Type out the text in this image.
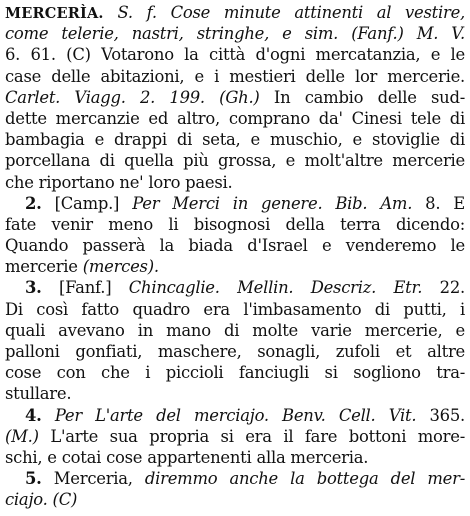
MERCERÌA. S. f. Cose minute attinenti al vestire,
come telerie, nastri, stringhe, e sim. (Fanf.) M. V.
6. 61. (C) Votarono la città d'ogni mercatanzia, e le
case delle abitazioni, e i mestieri delle lor mercerie.
Carlet. Viagg. 2. 199. (Gh.) In cambio delle sud-
dette mercanzie ed altro, comprano da' Cinesi tele di
bambagia e drappi di seta, e muschio, e stoviglie di
porcellana di quella più grossa, e molt'altre mercerie
che riportano ne' loro paesi.
2. [Camp.] Per Merci in genere. Bib. Am. 8. E
fate venir meno li bisognosi della terra dicendo:
Quando passerà la biada d'Israel e venderemo le
mercerie (merces).
3. [Fanf.] Chincaglie. Mellin. Descriz. Etr. 22.
Di così fatto quadro era l'imbasamento di putti, i
quali avevano in mano di molte varie mercerie, e
palloni gonfiati, maschere, sonagli, zufoli et altre
cose con che i piccioli fanciugli si sogliono tra-
stullare.
4. Per L'arte del merciajo. Benv. Cell. Vit. 365.
(M.) L'arte sua propria si era il fare bottoni more-
schi, e cotai cose appartenenti alla merceria.
5. Merceria, diremmo anche la bottega del mer-
ciajo. (C)
